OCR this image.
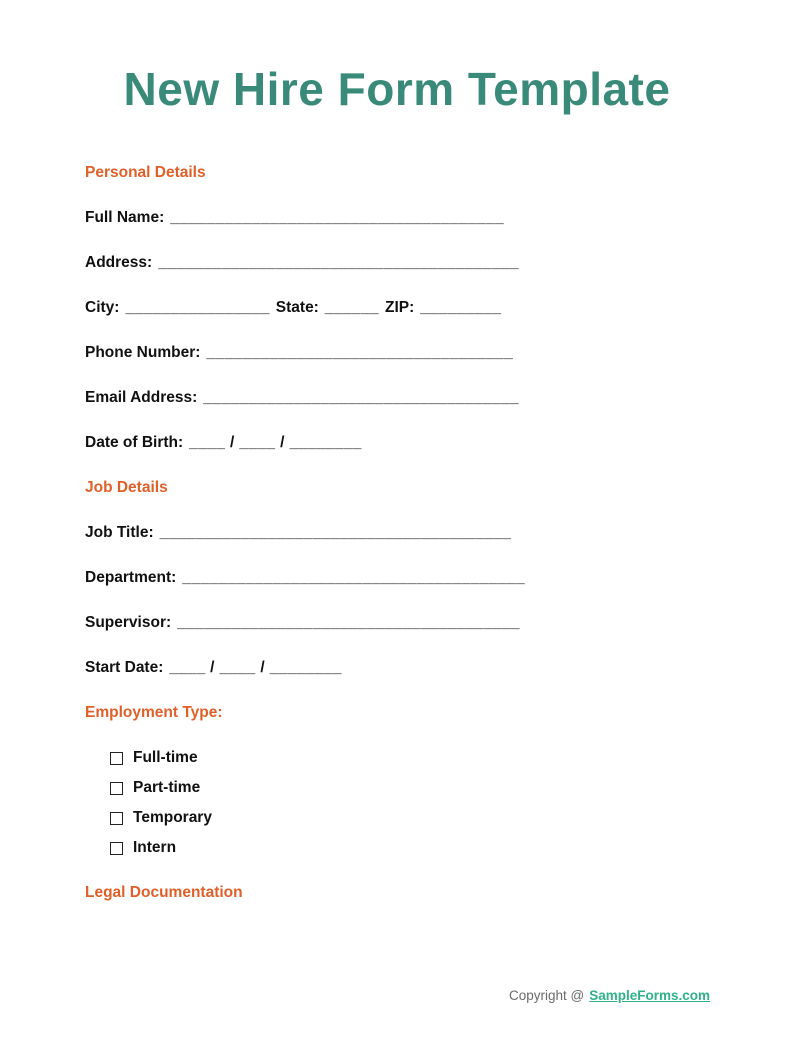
New Hire Form Template
Personal Details
Full Name: _____________________________________
Address: ________________________________________
City: ________________ State: ______ ZIP: _________
Phone Number: __________________________________
Email Address: ___________________________________
Date of Birth: ____ / ____ / ________
Job Details
Job Title: _______________________________________
Department: ______________________________________
Supervisor: ______________________________________
Start Date: ____ / ____ / ________
Employment Type:
Full-time
Part-time
Temporary
Intern
Legal Documentation
Copyright @ SampleForms.com
